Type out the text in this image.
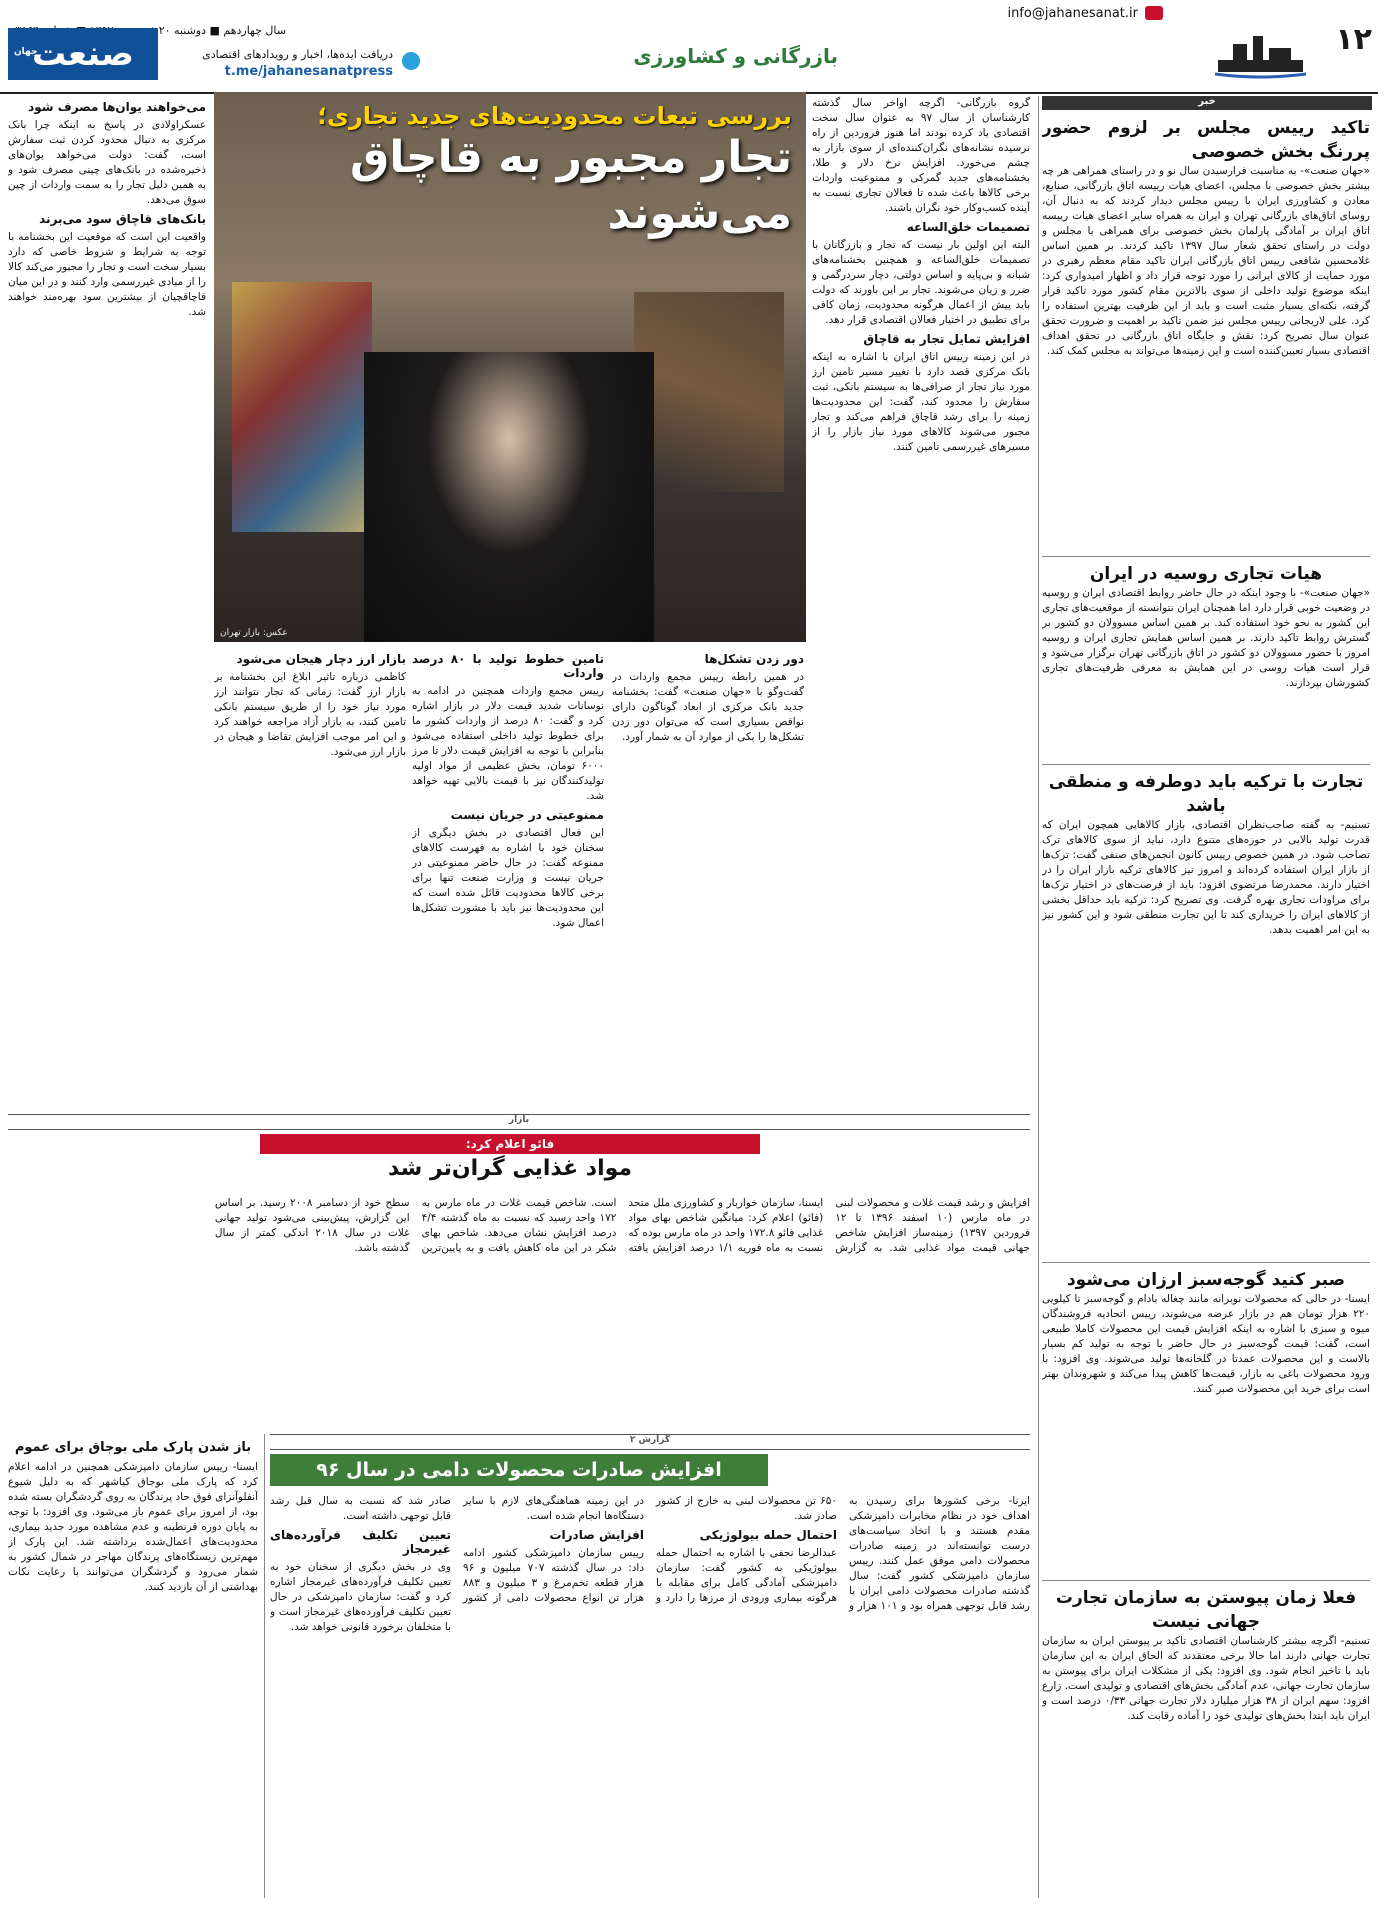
۱۲
info@jahanesanat.ir
بازرگانی و کشاورزی
دریافت ایده‌ها، اخبار و رویدادهای اقتصادی
t.me/jahanesanatpress
سال چهاردهم ■ دوشنبه ۲۰
صنعت
جهان
خبر
تاکید رییس مجلس بر لزوم حضور پررنگ بخش خصوصی

«جهان صنعت»- به مناسبت فرارسیدن سال نو و در راستای همراهی هر چه بیشتر بخش خصوصی با مجلس، اعضای هیات رییسه اتاق بازرگانی، صنایع، معادن و کشاورزی ایران با رییس مجلس دیدار کردند که به دنبال آن، روسای اتاق‌های بازرگانی تهران و ایران به همراه سایر اعضای هیات رییسه اتاق ایران بر آمادگی پارلمان بخش خصوصی برای همراهی با مجلس و دولت در راستای تحقق شعار سال ۱۳۹۷ تاکید کردند. بر همین اساس غلامحسین شافعی رییس اتاق بازرگانی ایران تاکید مقام معظم رهبری در مورد حمایت از کالای ایرانی را مورد توجه قرار داد و اظهار امیدواری کرد: اینکه موضوع تولید داخلی از سوی بالاترین مقام کشور مورد تاکید قرار گرفته، نکته‌ای بسیار مثبت است و باید از این ظرفیت بهترین استفاده را کرد. علی لاریجانی رییس مجلس نیز ضمن تاکید بر اهمیت و ضرورت تحقق عنوان سال تصریح کرد: نقش و جایگاه اتاق بازرگانی در تحقق اهداف اقتصادی بسیار تعیین‌کننده است و این زمینه‌ها می‌تواند به مجلس کمک کند.

هیات تجاری روسیه در ایران

«جهان صنعت»- با وجود اینکه در حال حاضر روابط اقتصادی ایران و روسیه در وضعیت خوبی قرار دارد اما همچنان ایران نتوانسته از موقعیت‌های تجاری این کشور به نحو خود استفاده کند. بر همین اساس مسوولان دو کشور بر گسترش روابط تاکید دارند. بر همین اساس همایش تجاری ایران و روسیه امروز با حضور مسوولان دو کشور در اتاق بازرگانی تهران برگزار می‌شود و قرار است هیات روسی در این همایش به معرفی ظرفیت‌های تجاری کشورشان بپردازند.

تجارت با ترکیه باید دوطرفه و منطقی باشد

تسنیم- به گفته صاحب‌نظران اقتصادی، بازار کالاهایی همچون ایران که قدرت تولید بالایی در حوزه‌های متنوع دارد، نباید از سوی کالاهای ترک تصاحب شود. در همین خصوص رییس کانون انجمن‌های صنفی گفت: ترک‌ها از بازار ایران استفاده کرده‌اند و امروز نیز کالاهای ترکیه بازار ایران را در اختیار دارند. محمدرضا مرتضوی افزود: باید از فرصت‌های در اختیار ترک‌ها برای مراودات تجاری بهره گرفت. وی تصریح کرد: ترکیه باید حداقل بخشی از کالاهای ایران را خریداری کند تا این تجارت منطقی شود و این کشور نیز به این امر اهمیت بدهد.

صبر کنید گوجه‌سبز ارزان می‌شود

ایسنا- در حالی که محصولات نوبرانه مانند چغاله بادام و گوجه‌سبز تا کیلویی ۲۲۰ هزار تومان هم در بازار عرضه می‌شوند، رییس اتحادیه فروشندگان میوه و سبزی با اشاره به اینکه افزایش قیمت این محصولات کاملا طبیعی است، گفت: قیمت گوجه‌سبز در حال حاضر با توجه به تولید کم بسیار بالاست و این محصولات عمدتا در گلخانه‌ها تولید می‌شوند. وی افزود: با ورود محصولات باغی به بازار، قیمت‌ها کاهش پیدا می‌کند و شهروندان بهتر است برای خرید این محصولات صبر کنند.

فعلا زمان پیوستن به سازمان تجارت جهانی نیست

تسنیم- اگرچه بیشتر کارشناسان اقتصادی تاکید بر پیوستن ایران به سازمان تجارت جهانی دارند اما حالا برخی معتقدند که الحاق ایران به این سازمان باید با تاخیر انجام شود. وی افزود: یکی از مشکلات ایران برای پیوستن به سازمان تجارت جهانی، عدم آمادگی بخش‌های اقتصادی و تولیدی است. زارع افزود: سهم ایران از ۳۸ هزار میلیارد دلار تجارت جهانی ۰/۳۳ درصد است و ایران باید ابتدا بخش‌های تولیدی خود را آماده رقابت کند.

بررسی تبعات محدودیت‌های جدید تجاری؛
تجار مجبور به قاچاق می‌شوند
عکس: بازار تهران

گروه بازرگانی- اگرچه اواخر سال گذشته کارشناسان از سال ۹۷ به عنوان سال سخت اقتصادی یاد کرده بودند اما هنوز فروردین از راه نرسیده نشانه‌های نگران‌کننده‌ای از سوی بازار به چشم می‌خورد. افزایش نرخ دلار و طلا، بخشنامه‌های جدید گمرکی و ممنوعیت واردات برخی کالاها باعث شده تا فعالان تجاری نسبت به آینده کسب‌وکار خود نگران باشند.

تصمیمات خلق‌الساعه

البته این اولین بار نیست که تجار و بازرگانان با تصمیمات خلق‌الساعه و همچنین بخشنامه‌های شبانه و بی‌پایه و اساس دولتی، دچار سردرگمی و ضرر و زیان می‌شوند. تجار بر این باورند که دولت باید پیش از اعمال هرگونه محدودیت، زمان کافی برای تطبیق در اختیار فعالان اقتصادی قرار دهد.

افزایش تمایل تجار به قاچاق

در این زمینه رییس اتاق ایران با اشاره به اینکه بانک مرکزی قصد دارد با تغییر مسیر تامین ارز مورد نیاز تجار از صرافی‌ها به سیستم بانکی، ثبت سفارش را محدود کند، گفت: این محدودیت‌ها زمینه را برای رشد قاچاق فراهم می‌کند و تجار مجبور می‌شوند کالاهای مورد نیاز بازار را از مسیرهای غیررسمی تامین کنند.

دور زدن تشکل‌ها

در همین رابطه رییس مجمع واردات در گفت‌وگو با «جهان صنعت» گفت: بخشنامه جدید بانک مرکزی از ابعاد گوناگون دارای نواقص بسیاری است که می‌توان دور زدن تشکل‌ها را یکی از موارد آن به شمار آورد.

تامین خطوط تولید با ۸۰ درصد واردات

رییس مجمع واردات همچنین در ادامه به نوسانات شدید قیمت دلار در بازار اشاره کرد و گفت: ۸۰ درصد از واردات کشور ما برای خطوط تولید داخلی استفاده می‌شود بنابراین با توجه به افزایش قیمت دلار تا مرز ۶۰۰۰ تومان، بخش عظیمی از مواد اولیه تولیدکنندگان نیز با قیمت بالایی تهیه خواهد شد.

ممنوعیتی در جریان نیست

این فعال اقتصادی در بخش دیگری از سخنان خود با اشاره به فهرست کالاهای ممنوعه گفت: در حال حاضر ممنوعیتی در جریان نیست و وزارت صنعت تنها برای برخی کالاها محدودیت قائل شده است که این محدودیت‌ها نیز باید با مشورت تشکل‌ها اعمال شود.

بازار ارز دچار هیجان می‌شود

کاظمی درباره تاثیر ابلاغ این بخشنامه بر بازار ارز گفت: زمانی که تجار نتوانند ارز مورد نیاز خود را از طریق سیستم بانکی تامین کنند، به بازار آزاد مراجعه خواهند کرد و این امر موجب افزایش تقاضا و هیجان در بازار ارز می‌شود.

می‌خواهند یوان‌ها مصرف شود

عسکراولادی در پاسخ به اینکه چرا بانک مرکزی به دنبال محدود کردن ثبت سفارش است، گفت: دولت می‌خواهد یوان‌های ذخیره‌شده در بانک‌های چینی مصرف شود و به همین دلیل تجار را به سمت واردات از چین سوق می‌دهد.

بانک‌های قاچاق سود می‌برند

واقعیت این است که موقعیت این بخشنامه با توجه به شرایط و شروط خاصی که دارد بسیار سخت است و تجار را مجبور می‌کند کالا را از مبادی غیررسمی وارد کنند و در این میان قاچاقچیان از بیشترین سود بهره‌مند خواهند شد.

بازار
فائو اعلام کرد:
مواد غذایی گران‌تر شد

افزایش و رشد قیمت غلات و محصولات لبنی در ماه مارس (۱۰ اسفند ۱۳۹۶ تا ۱۲ فروردین ۱۳۹۷) زمینه‌ساز افزایش شاخص جهانی قیمت مواد غذایی شد. به گزارش ایسنا، سازمان خواربار و کشاورزی ملل متحد (فائو) اعلام کرد: میانگین شاخص بهای مواد غذایی فائو ۱۷۲.۸ واحد در ماه مارس بوده که نسبت به ماه فوریه ۱/۱ درصد افزایش یافته است. شاخص قیمت غلات در ماه مارس به ۱۷۲ واحد رسید که نسبت به ماه گذشته ۴/۴ درصد افزایش نشان می‌دهد. شاخص بهای شکر در این ماه کاهش یافت و به پایین‌ترین سطح خود از دسامبر ۲۰۰۸ رسید. بر اساس این گزارش، پیش‌بینی می‌شود تولید جهانی غلات در سال ۲۰۱۸ اندکی کمتر از سال گذشته باشد.

گزارش ۲
افزایش صادرات محصولات دامی در سال ۹۶

ایرنا- برخی کشورها برای رسیدن به اهداف خود در نظام مخابرات دامپزشکی مقدم هستند و با اتخاذ سیاست‌های درست توانسته‌اند در زمینه صادرات محصولات دامی موفق عمل کنند. رییس سازمان دامپزشکی کشور گفت: سال گذشته صادرات محصولات دامی ایران با رشد قابل توجهی همراه بود و ۱۰۱ هزار و ۶۵۰ تن محصولات لبنی به خارج از کشور صادر شد.

احتمال حمله بیولوژیکی

عبدالرضا نجفی با اشاره به احتمال حمله بیولوژیکی به کشور گفت: سازمان دامپزشکی آمادگی کامل برای مقابله با هرگونه بیماری ورودی از مرزها را دارد و در این زمینه هماهنگی‌های لازم با سایر دستگاه‌ها انجام شده است.

افزایش صادرات

رییس سازمان دامپزشکی کشور ادامه داد: در سال گذشته ۷۰۷ میلیون و ۹۶ هزار قطعه تخم‌مرغ و ۳ میلیون و ۸۸۳ هزار تن انواع محصولات دامی از کشور صادر شد که نسبت به سال قبل رشد قابل توجهی داشته است.

تعیین تکلیف فرآورده‌های غیرمجاز

وی در بخش دیگری از سخنان خود به تعیین تکلیف فرآورده‌های غیرمجاز اشاره کرد و گفت: سازمان دامپزشکی در حال تعیین تکلیف فرآورده‌های غیرمجاز است و با متخلفان برخورد قانونی خواهد شد.

باز شدن پارک ملی بوجاق برای عموم

ایسنا- رییس سازمان دامپزشکی همچنین در ادامه اعلام کرد که پارک ملی بوجاق کیاشهر که به دلیل شیوع آنفلوآنزای فوق حاد پرندگان به روی گردشگران بسته شده بود، از امروز برای عموم باز می‌شود. وی افزود: با توجه به پایان دوره قرنطینه و عدم مشاهده مورد جدید بیماری، محدودیت‌های اعمال‌شده برداشته شد. این پارک از مهم‌ترین زیستگاه‌های پرندگان مهاجر در شمال کشور به شمار می‌رود و گردشگران می‌توانند با رعایت نکات بهداشتی از آن بازدید کنند.
